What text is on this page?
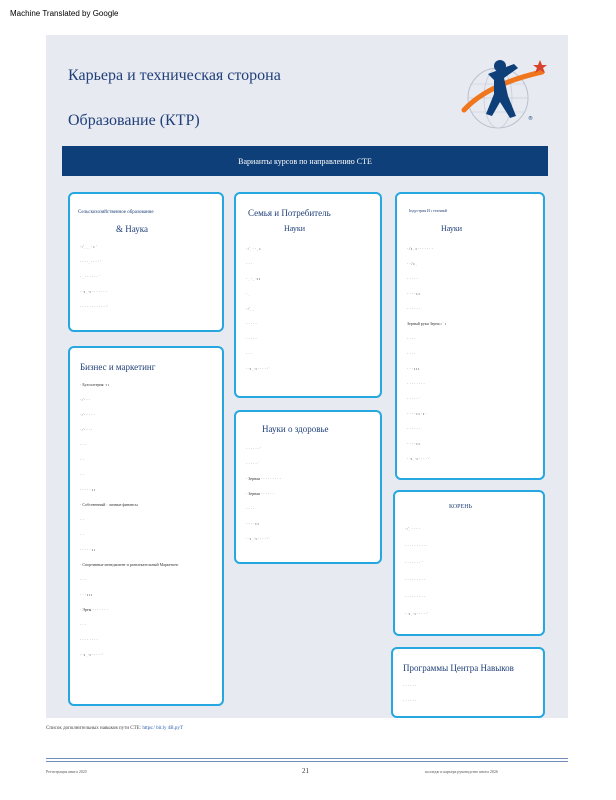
Machine Translated by Google
Карьера и техническая сторона
Образование (КТР)	®
Варианты курсов по направлению CTE
Сельскохозяйственное образование
& Наука
· ⁄ ˌ ˌ ˌ · ı ˈ
· · · ·ˌ · · · · ˈ
· ˌ · · · · · · ˈ
· ·ı ˌ ·ı · · · · · · ·
· · · · · · · · · · · ·ˈ
Семья и Потребитель
Науки
· ⁄ ˌ · · ˌ ı
· · ·
· ˌ · ˌ ·ı ı
· ˌ
· ⁄ ˌ ˌ
· · · · ·
· · · · ·
· · ·
· ·ı ˌ ·ı · · · · ·ˈ
Індустрия И ı техникй
Науки
· ⁄ ı ˌ ı · · · · · · ·
· · ⁄ ı ˌ
· · · · ·
· · · · ı ı
· · · · · ·
Зерный руки Зерна ı ˈ ı
· · · ·
· · · ·
· · · ı ı ı
· · · · · · · ·
· · · · · ˈ
· · · · ı ı · ı ·
· · · · · ·
· · · · ı ı
· ·ı ˌ ·ı · · · · ·ˈ
Бизнес и маркетинг
· Бухгалтерия ·ı ı
· ⁄ · · ·
· ⁄ · · · · ·
· ⁄ · · · ·
· · ·
· ·
· ·
· · · · · ı ı
· Собственный · личные финансы
· ·
· ·
· · · · · ı ı
· Спортивные менеджмент и развлекательный Маркетинг
· · ·
· · · ı ı ı
· Эрты · · · · · · ·
· · ·
· · · · · · · ·
· ·ı ˌ ·ı · · · · ·ˈ
Науки о здоровье
· · · · · · ˈ
· · · · · ˈ
· Зерная · · · · · · · · ·
· Зерная · · · · · ·
· · · ·
· · · · ı ı
· ·ı ˌ ·ı · · · · ·ˈ
КОРЕНЬ
· ⁄ ˌ · · · ·
· · · · · · · · · ·
· · · · · · · ˈ
· · · · · · · · ·
· · · · · · · · ·
· ·ı ˌ ·ı · · · · ·ˈ
Программы Центра Навыков
· · · · · ·
· · · · · ·
Список дополнительных навыков пути CTE: https:/ bit.ly 4B.pyT
Регистрация книга 2025	21	колледж и карьера руководство книга 2026
